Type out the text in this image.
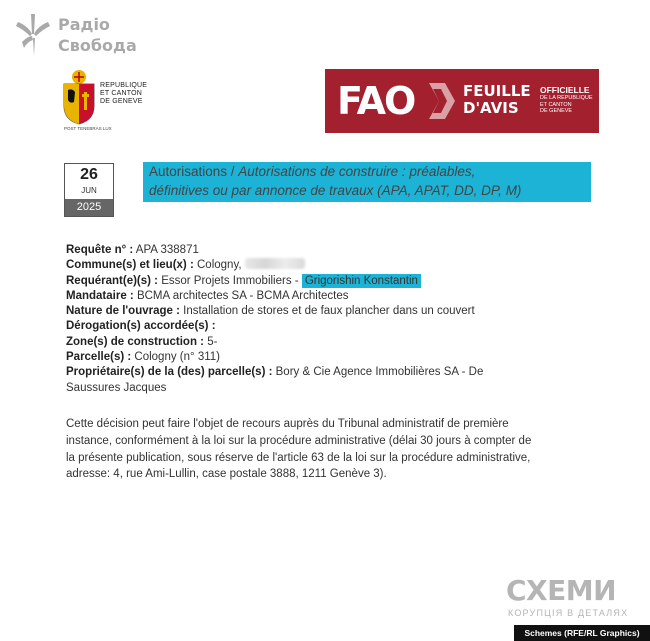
Радіо
Свобода
REPUBLIQUE
ET CANTON
DE GENEVE
POST TENEBRAS LUX
FAO	FEUILLE
D'AVIS
OFFICIELLE
DE LA REPUBLIQUE
ET CANTON
DE GENEVE
26
JUN
2025
Autorisations / Autorisations de construire : préalables,
définitives ou par annonce de travaux (APA, APAT, DD, DP, M)
Requête n° : APA 338871
Commune(s) et lieu(x) : Cologny,
Requérant(e)(s) : Essor Projets Immobiliers - Grigorishin Konstantin
Mandataire : BCMA architectes SA - BCMA Architectes
Nature de l'ouvrage : Installation de stores et de faux plancher dans un couvert
Dérogation(s) accordée(s) :
Zone(s) de construction : 5-
Parcelle(s) : Cologny (n° 311)
Propriétaire(s) de la (des) parcelle(s) : Bory & Cie Agence Immobilières SA - De
Saussures Jacques
Cette décision peut faire l'objet de recours auprès du Tribunal administratif de première
instance, conformément à la loi sur la procédure administrative (délai 30 jours à compter de
la présente publication, sous réserve de l'article 63 de la loi sur la procédure administrative,
adresse: 4, rue Ami-Lullin, case postale 3888, 1211 Genève 3).
СХЕМИ
КОРУПЦІЯ В ДЕТАЛЯХ
Schemes (RFE/RL Graphics)
